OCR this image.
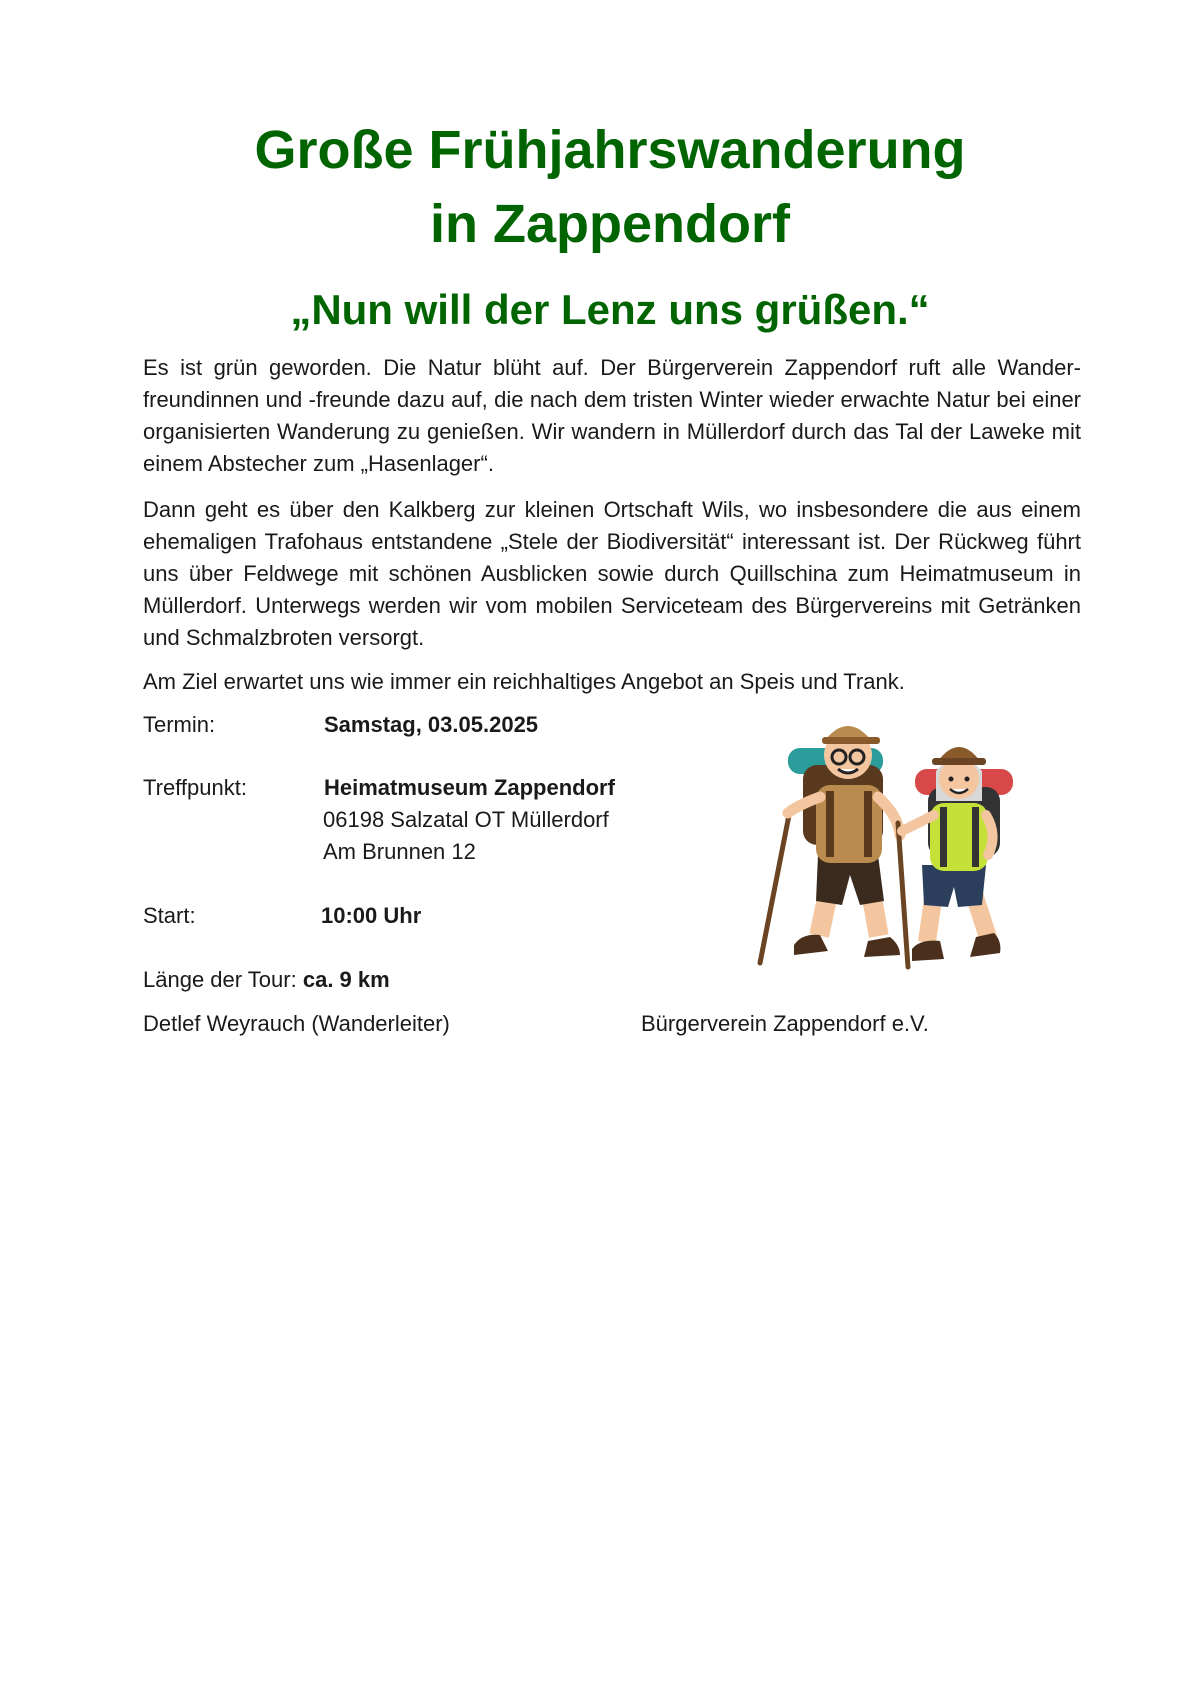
Große Frühjahrswanderung
in Zappendorf
„Nun will der Lenz uns grüßen.“

Es ist grün geworden. Die Natur blüht auf. Der Bürgerverein Zappendorf ruft alle Wander-freundinnen und -freunde dazu auf, die nach dem tristen Winter wieder erwachte Natur bei einer organisierten Wanderung zu genießen. Wir wandern in Müllerdorf durch das Tal der Laweke mit einem Abstecher zum „Hasenlager“.

Dann geht es über den Kalkberg zur kleinen Ortschaft Wils, wo insbesondere die aus einem ehemaligen Trafohaus entstandene „Stele der Biodiversität“ interessant ist. Der Rückweg führt uns über Feldwege mit schönen Ausblicken sowie durch Quillschina zum Heimatmuseum in Müllerdorf. Unterwegs werden wir vom mobilen Serviceteam des Bürgervereins mit Getränken und Schmalzbroten versorgt.

Am Ziel erwartet uns wie immer ein reichhaltiges Angebot an Speis und Trank.

Termin:	Samstag, 03.05.2025
Treffpunkt:	Heimatmuseum Zappendorf
06198 Salzatal OT Müllerdorf
Am Brunnen 12
Start:	10:00 Uhr
Länge der Tour: ca. 9 km
Detlef Weyrauch (Wanderleiter)	Bürgerverein Zappendorf e.V.
